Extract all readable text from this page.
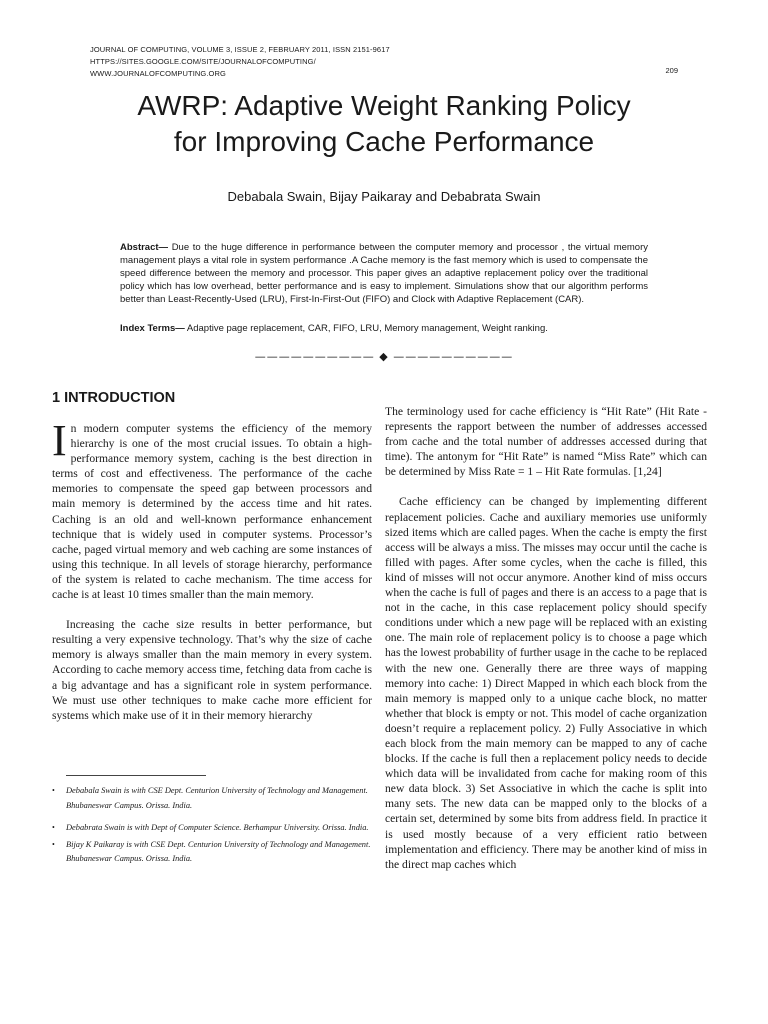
JOURNAL OF COMPUTING, VOLUME 3, ISSUE 2, FEBRUARY 2011, ISSN 2151-9617
HTTPS://SITES.GOOGLE.COM/SITE/JOURNALOFCOMPUTING/
WWW.JOURNALOFCOMPUTING.ORG	209
AWRP: Adaptive Weight Ranking Policy
for Improving Cache Performance
Debabala Swain, Bijay Paikaray and Debabrata Swain
Abstract— Due to the huge difference in performance between the computer memory and processor , the virtual memory management plays a vital role in system performance .A Cache memory is the fast memory which is used to compensate the speed difference between the memory and processor. This paper gives an adaptive replacement policy over the traditional policy which has low overhead, better performance and is easy to implement. Simulations show that our algorithm performs better than Least-Recently-Used (LRU), First-In-First-Out (FIFO) and Clock with Adaptive Replacement (CAR).
Index Terms— Adaptive page replacement, CAR, FIFO, LRU, Memory management, Weight ranking.
—————————— ◆ ——————————
1 INTRODUCTION

In modern computer systems the efficiency of the memory hierarchy is one of the most crucial issues. To obtain a high-performance memory system, caching is the best direction in terms of cost and effectiveness. The performance of the cache memories to compensate the speed gap between processors and main memory is determined by the access time and hit rates. Caching is an old and well-known performance enhancement technique that is widely used in computer systems. Processor’s cache, paged virtual memory and web caching are some instances of using this technique. In all levels of storage hierarchy, performance of the system is related to cache mechanism. The time access for cache is at least 10 times smaller than the main memory.

Increasing the cache size results in better performance, but resulting a very expensive technology. That’s why the size of cache memory is always smaller than the main memory in every system. According to cache memory access time, fetching data from cache is a big advantage and has a significant role in system performance. We must use other techniques to make cache more efficient for systems which make use of it in their memory hierarchy

• Debabala Swain is with CSE Dept. Centurion University of Technology and Management. Bhubaneswar Campus. Orissa. India.
• Debabrata Swain is with Dept of Computer Science. Berhampur University. Orissa. India.
• Bijay K Paikaray is with CSE Dept. Centurion University of Technology and Management. Bhubaneswar Campus. Orissa. India.

The terminology used for cache efficiency is “Hit Rate” (Hit Rate - represents the rapport between the number of addresses accessed from cache and the total number of addresses accessed during that time). The antonym for “Hit Rate” is named “Miss Rate” which can be determined by Miss Rate = 1 – Hit Rate formulas. [1,24]

Cache efficiency can be changed by implementing different replacement policies. Cache and auxiliary memories use uniformly sized items which are called pages. When the cache is empty the first access will be always a miss. The misses may occur until the cache is filled with pages. After some cycles, when the cache is filled, this kind of misses will not occur anymore. Another kind of miss occurs when the cache is full of pages and there is an access to a page that is not in the cache, in this case replacement policy should specify conditions under which a new page will be replaced with an existing one. The main role of replacement policy is to choose a page which has the lowest probability of further usage in the cache to be replaced with the new one. Generally there are three ways of mapping memory into cache: 1) Direct Mapped in which each block from the main memory is mapped only to a unique cache block, no matter whether that block is empty or not. This model of cache organization doesn’t require a replacement policy. 2) Fully Associative in which each block from the main memory can be mapped to any of cache blocks. If the cache is full then a replacement policy needs to decide which data will be invalidated from cache for making room of this new data block. 3) Set Associative in which the cache is split into many sets. The new data can be mapped only to the blocks of a certain set, determined by some bits from address field. In practice it is used mostly because of a very efficient ratio between implementation and efficiency. There may be another kind of miss in the direct map caches which
